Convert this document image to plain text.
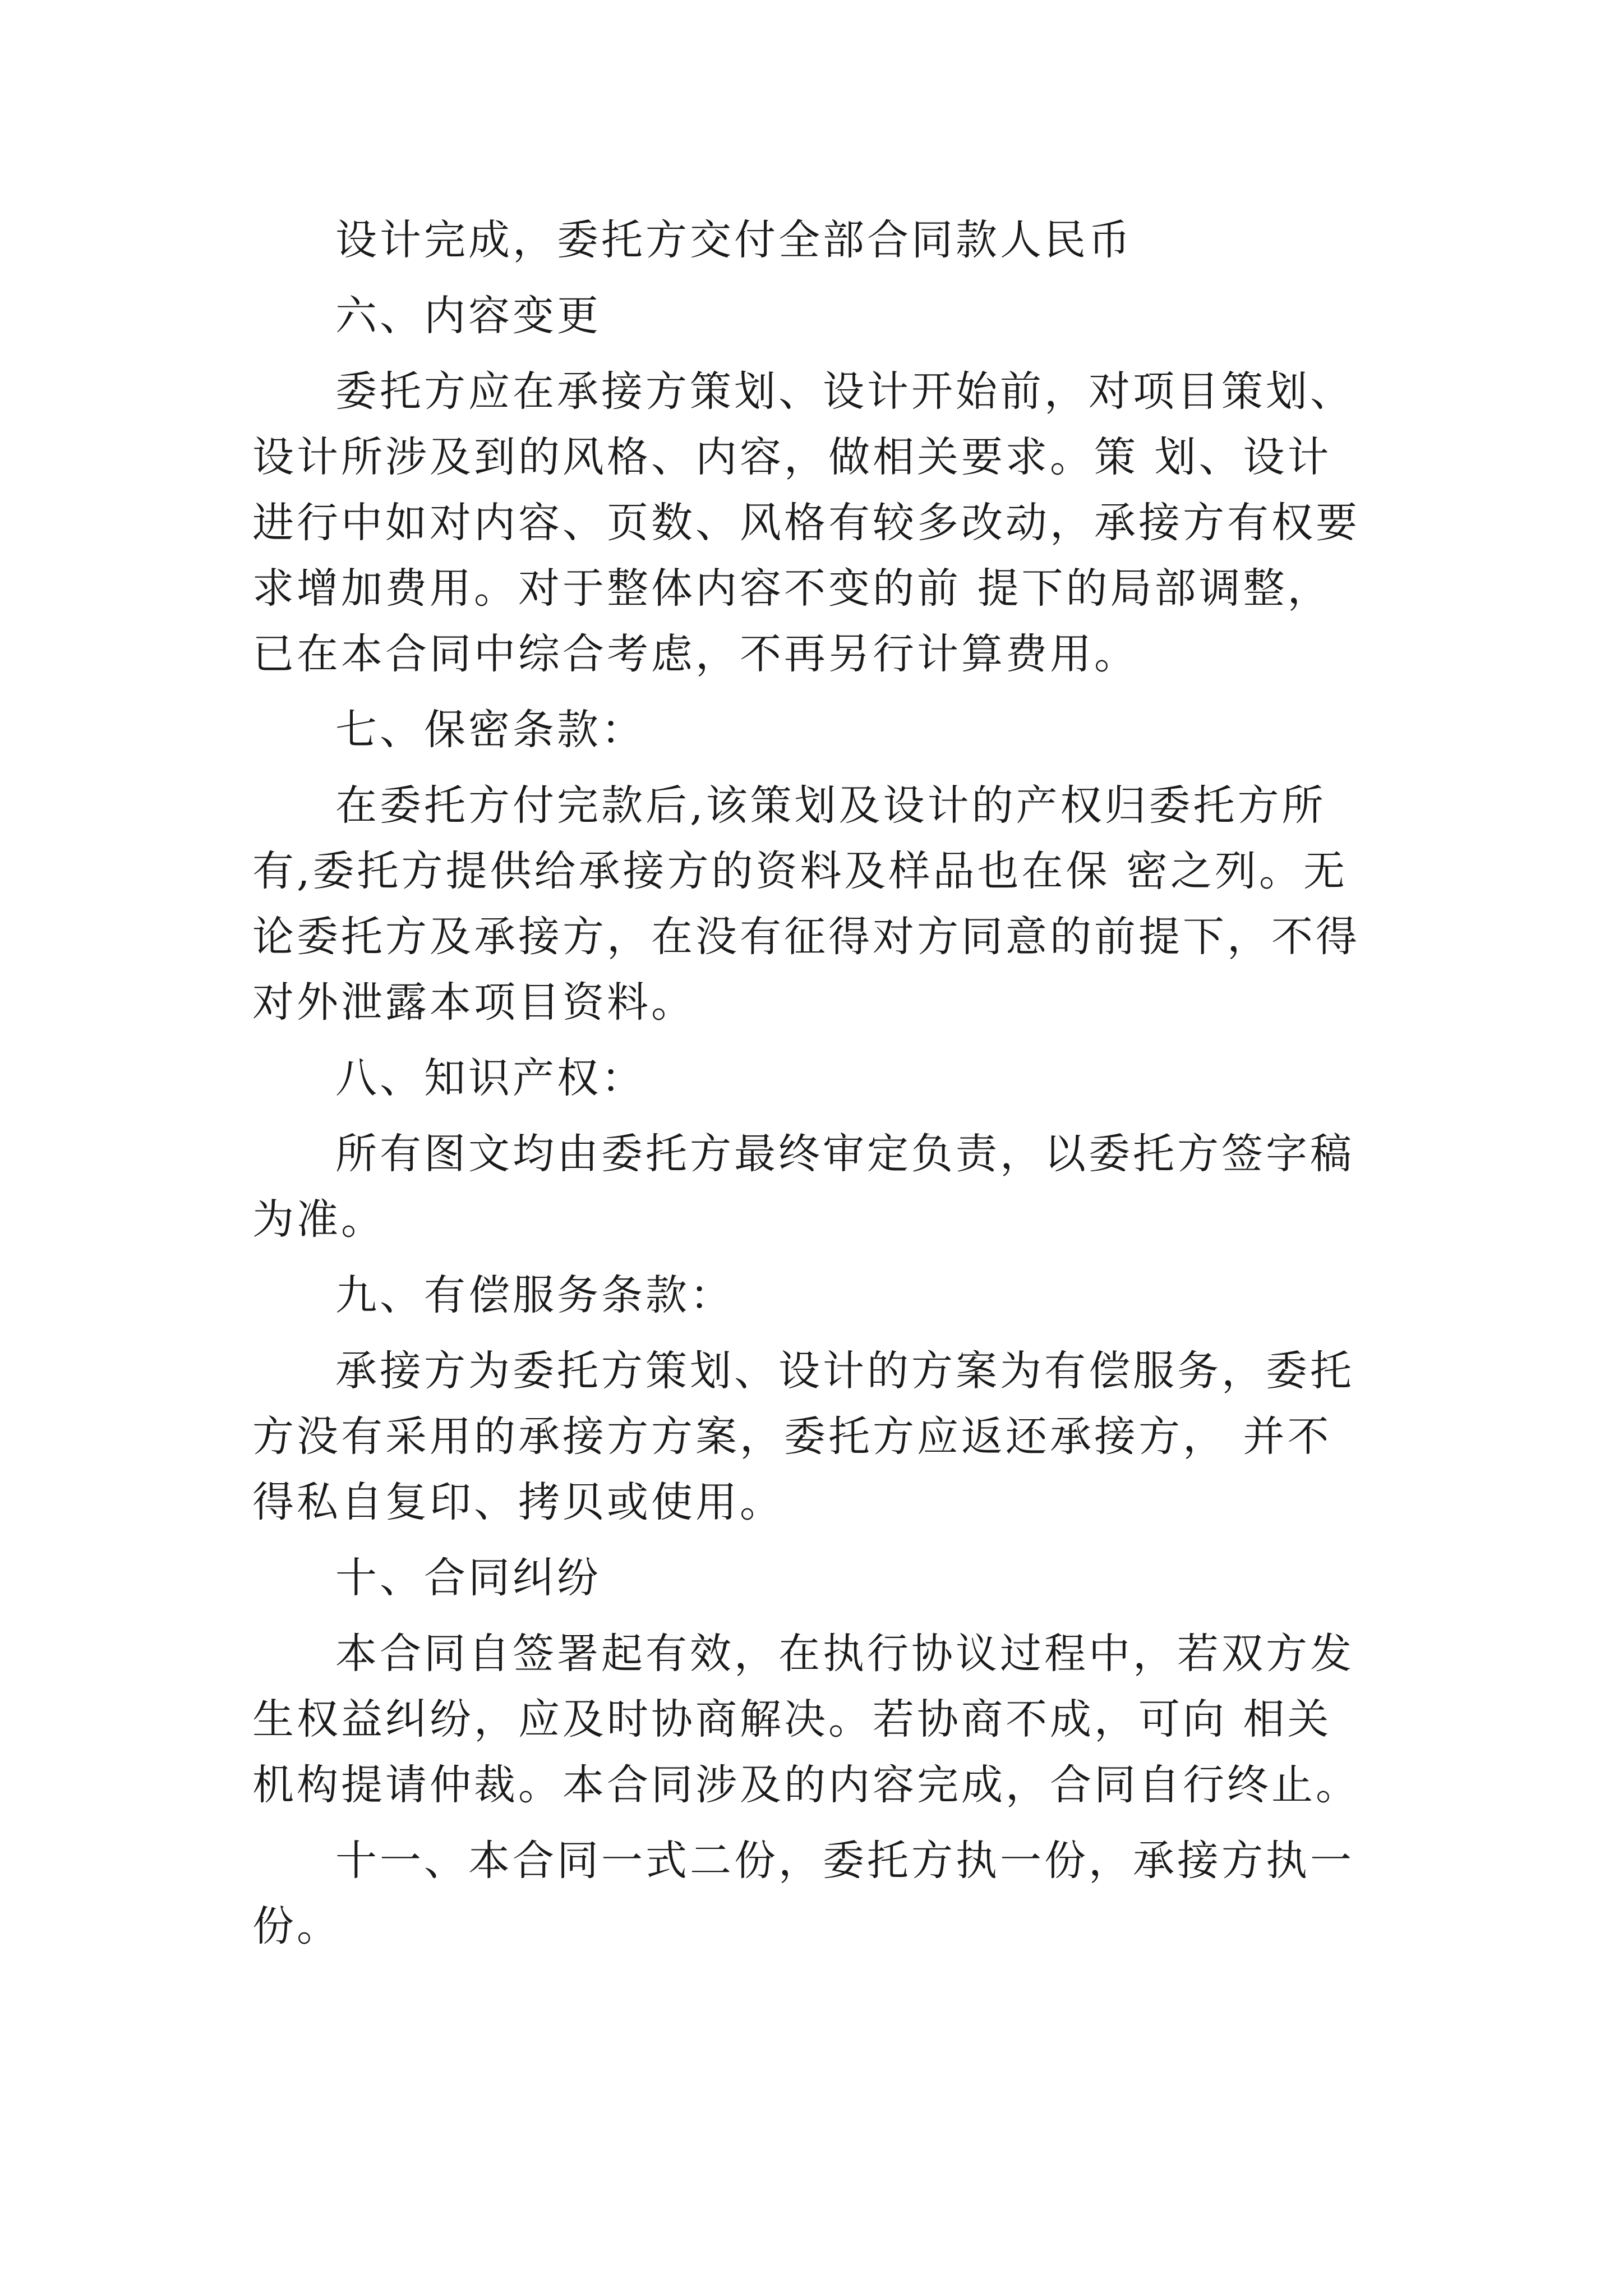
设计完成，委托方交付全部合同款人民币

六、内容变更

委托方应在承接方策划、设计开始前，对项目策划、设计所涉及到的风格、内容，做相关要求。策 划、设计进行中如对内容、页数、风格有较多改动，承接方有权要求增加费用。对于整体内容不变的前 提下的局部调整，已在本合同中综合考虑，不再另行计算费用。

七、保密条款：

在委托方付完款后,该策划及设计的产权归委托方所有,委托方提供给承接方的资料及样品也在保 密之列。无论委托方及承接方，在没有征得对方同意的前提下，不得对外泄露本项目资料。

八、知识产权：

所有图文均由委托方最终审定负责，以委托方签字稿为准。

九、有偿服务条款：

承接方为委托方策划、设计的方案为有偿服务，委托方没有采用的承接方方案，委托方应返还承接方， 并不得私自复印、拷贝或使用。

十、合同纠纷

本合同自签署起有效，在执行协议过程中，若双方发生权益纠纷，应及时协商解决。若协商不成，可向 相关机构提请仲裁。本合同涉及的内容完成，合同自行终止。

十一、本合同一式二份，委托方执一份，承接方执一份。
